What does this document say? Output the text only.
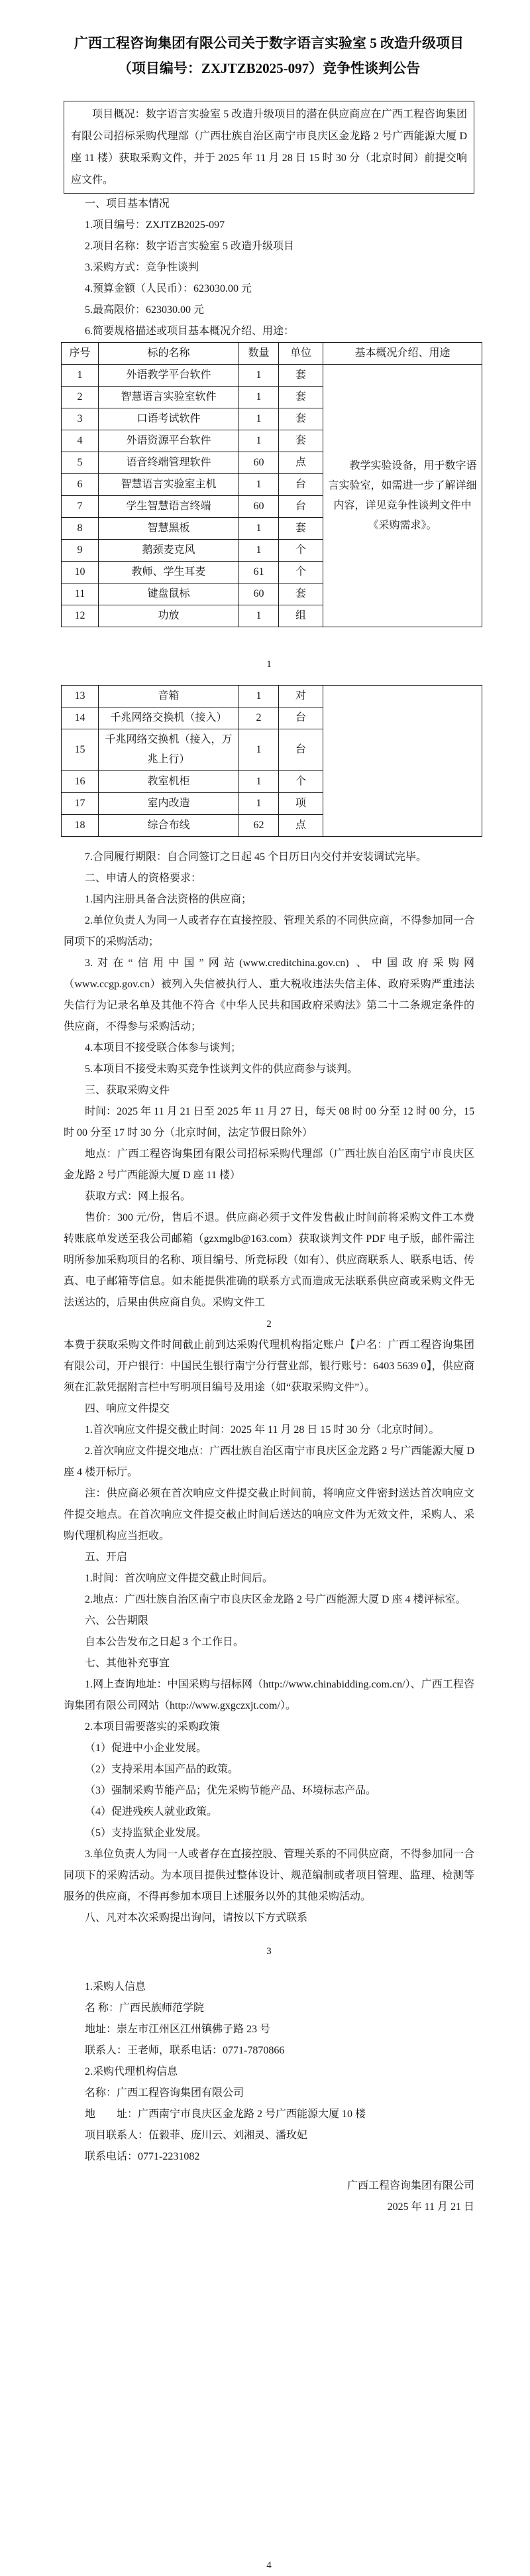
广西工程咨询集团有限公司关于数字语言实验室 5 改造升级项目
（项目编号：ZXJTZB2025-097）竞争性谈判公告
项目概况：数字语言实验室 5 改造升级项目的潜在供应商应在广西工程咨询集团有限公司招标采购代理部（广西壮族自治区南宁市良庆区金龙路 2 号广西能源大厦 D 座 11 楼）获取采购文件，并于 2025 年 11 月 28 日 15 时 30 分（北京时间）前提交响应文件。
一、项目基本情况
1.项目编号：ZXJTZB2025-097
2.项目名称：数字语言实验室 5 改造升级项目
3.采购方式：竞争性谈判
4.预算金额（人民币）：623030.00 元
5.最高限价：623030.00 元
6.简要规格描述或项目基本概况介绍、用途：
序号	标的名称	数量	单位	基本概况介绍、用途
1	外语教学平台软件	1	套	教学实验设备，用于数字语言实验室，如需进一步了解详细内容，详见竞争性谈判文件中《采购需求》。

2	智慧语言实验室软件	1	套	
3	口语考试软件	1	套	
4	外语资源平台软件	1	套	
5	语音终端管理软件	60	点	
6	智慧语言实验室主机	1	台	
7	学生智慧语言终端	60	台	
8	智慧黑板	1	套	
9	鹅颈麦克风	1	个	
10	教师、学生耳麦	61	个	
11	键盘鼠标	60	套	
12	功放	1	组	
1
13	音箱	1	对	
14	千兆网络交换机（接入）	2	台	
15	千兆网络交换机（接入，万兆上行）	1	台	
16	教室机柜	1	个	
17	室内改造	1	项	
18	综合布线	62	点	
7.合同履行期限：自合同签订之日起 45 个日历日内交付并安装调试完毕。
二、申请人的资格要求：
1.国内注册具备合法资格的供应商；
2.单位负责人为同一人或者存在直接控股、管理关系的不同供应商，不得参加同一合同项下的采购活动；
3.对在“信用中国”网站(www.creditchina.gov.cn) 、中国政府采购网（www.ccgp.gov.cn）被列入失信被执行人、重大税收违法失信主体、政府采购严重违法失信行为记录名单及其他不符合《中华人民共和国政府采购法》第二十二条规定条件的供应商，不得参与采购活动；
4.本项目不接受联合体参与谈判；
5.本项目不接受未购买竞争性谈判文件的供应商参与谈判。
三、获取采购文件
时间：2025 年 11 月 21 日至 2025 年 11 月 27 日，每天 08 时 00 分至 12 时 00 分，15 时 00 分至 17 时 30 分（北京时间，法定节假日除外）
地点：广西工程咨询集团有限公司招标采购代理部（广西壮族自治区南宁市良庆区金龙路 2 号广西能源大厦 D 座 11 楼）
获取方式：网上报名。
售价：300 元/份，售后不退。供应商必须于文件发售截止时间前将采购文件工本费转账底单发送至我公司邮箱（gzxmglb@163.com）获取谈判文件 PDF 电子版，邮件需注明所参加采购项目的名称、项目编号、所竞标段（如有）、供应商联系人、联系电话、传真、电子邮箱等信息。如未能提供准确的联系方式而造成无法联系供应商或采购文件无法送达的，后果由供应商自负。采购文件工
2
本费于获取采购文件时间截止前到达采购代理机构指定账户【户名：广西工程咨询集团有限公司，开户银行：中国民生银行南宁分行营业部，银行账号：6403 5639 0】，供应商须在汇款凭据附言栏中写明项目编号及用途（如“获取采购文件”）。
四、响应文件提交
1.首次响应文件提交截止时间：2025 年 11 月 28 日 15 时 30 分（北京时间）。
2.首次响应文件提交地点：广西壮族自治区南宁市良庆区金龙路 2 号广西能源大厦 D 座 4 楼开标厅。
注：供应商必须在首次响应文件提交截止时间前，将响应文件密封送达首次响应文件提交地点。在首次响应文件提交截止时间后送达的响应文件为无效文件，采购人、采购代理机构应当拒收。
五、开启
1.时间：首次响应文件提交截止时间后。
2.地点：广西壮族自治区南宁市良庆区金龙路 2 号广西能源大厦 D 座 4 楼评标室。
六、公告期限
自本公告发布之日起 3 个工作日。
七、其他补充事宜
1.网上查询地址：中国采购与招标网（http://www.chinabidding.com.cn/）、广西工程咨询集团有限公司网站（http://www.gxgczxjt.com/）。
2.本项目需要落实的采购政策
（1）促进中小企业发展。
（2）支持采用本国产品的政策。
（3）强制采购节能产品；优先采购节能产品、环境标志产品。
（4）促进残疾人就业政策。
（5）支持监狱企业发展。
3.单位负责人为同一人或者存在直接控股、管理关系的不同供应商，不得参加同一合同项下的采购活动。为本项目提供过整体设计、规范编制或者项目管理、监理、检测等服务的供应商，不得再参加本项目上述服务以外的其他采购活动。
八、凡对本次采购提出询问，请按以下方式联系
3
1.采购人信息
名 称：广西民族师范学院
地址：崇左市江州区江州镇佛子路 23 号
联系人：王老师，联系电话：0771-7870866
2.采购代理机构信息
名称：广西工程咨询集团有限公司
地　　址：广西南宁市良庆区金龙路 2 号广西能源大厦 10 楼
项目联系人：伍毅菲、庞川云、刘湘灵、潘玫妃
联系电话：0771-2231082
广西工程咨询集团有限公司
2025 年 11 月 21 日
4
